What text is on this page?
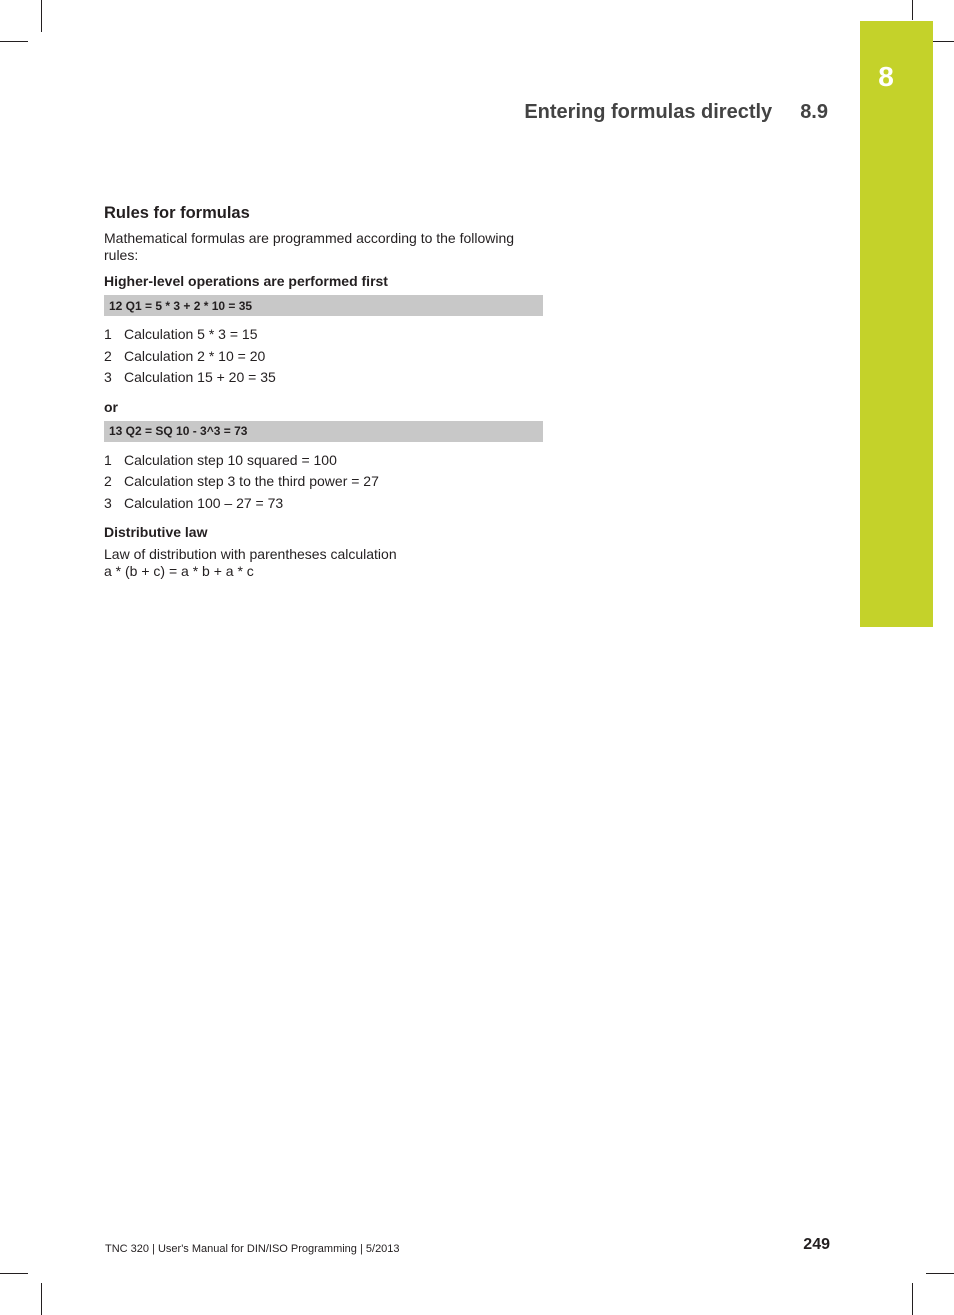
8
Entering formulas directly 8.9
Rules for formulas
Mathematical formulas are programmed according to the following rules:
Higher-level operations are performed first
12 Q1 = 5 * 3 + 2 * 10 = 35
1 Calculation 5 * 3 = 15
2 Calculation 2 * 10 = 20
3 Calculation 15 + 20 = 35
or
13 Q2 = SQ 10 - 3^3 = 73
1 Calculation step 10 squared = 100
2 Calculation step 3 to the third power = 27
3 Calculation 100 – 27 = 73
Distributive law
Law of distribution with parentheses calculation
a * (b + c) = a * b + a * c
TNC 320 | User's Manual for DIN/ISO Programming | 5/2013	249
